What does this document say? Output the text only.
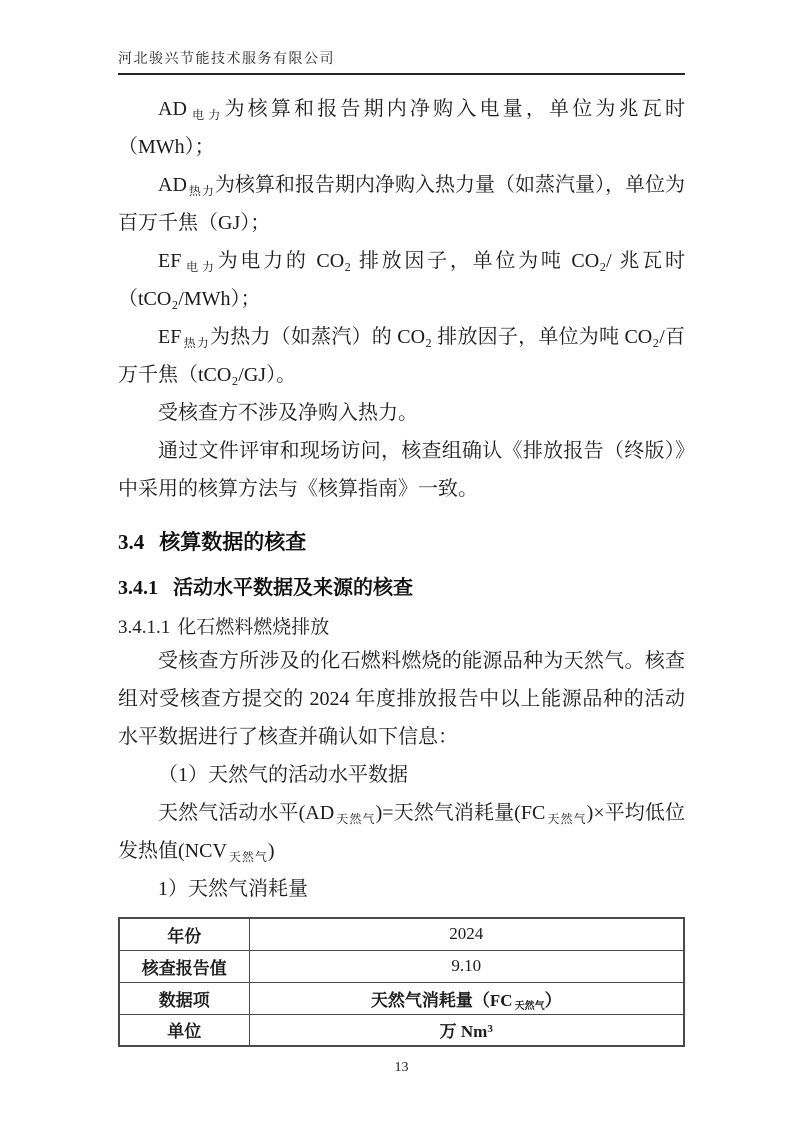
河北骏兴节能技术服务有限公司

AD $_{电力}$为核算和报告期内净购入电量，单位为兆瓦时（MWh）；

AD $_{热力}$为核算和报告期内净购入热力量（如蒸汽量），单位为百万千焦（GJ）；

EF $_{电力}$为电力的 CO₂ 排放因子，单位为吨 CO₂/ 兆瓦时（tCO₂/MWh）；

EF $_{热力}$为热力（如蒸汽）的 CO₂ 排放因子，单位为吨 CO₂/百万千焦（tCO₂/GJ）。

受核查方不涉及净购入热力。

通过文件评审和现场访问，核查组确认《排放报告（终版）》中采用的核算方法与《核算指南》一致。

3.4 核算数据的核查
3.4.1 活动水平数据及来源的核查
3.4.1.1 化石燃料燃烧排放

受核查方所涉及的化石燃料燃烧的能源品种为天然气。核查组对受核查方提交的 2024 年度排放报告中以上能源品种的活动水平数据进行了核查并确认如下信息：

（1）天然气的活动水平数据

天然气活动水平(AD $_{天然气}$)=天然气消耗量(FC $_{天然气}$)×平均低位发热值(NCV $_{天然气}$)

1）天然气消耗量

年份	2024
核查报告值	9.10
数据项	天然气消耗量（FC $_{天然气}$）
单位	万 Nm$^3$
13
